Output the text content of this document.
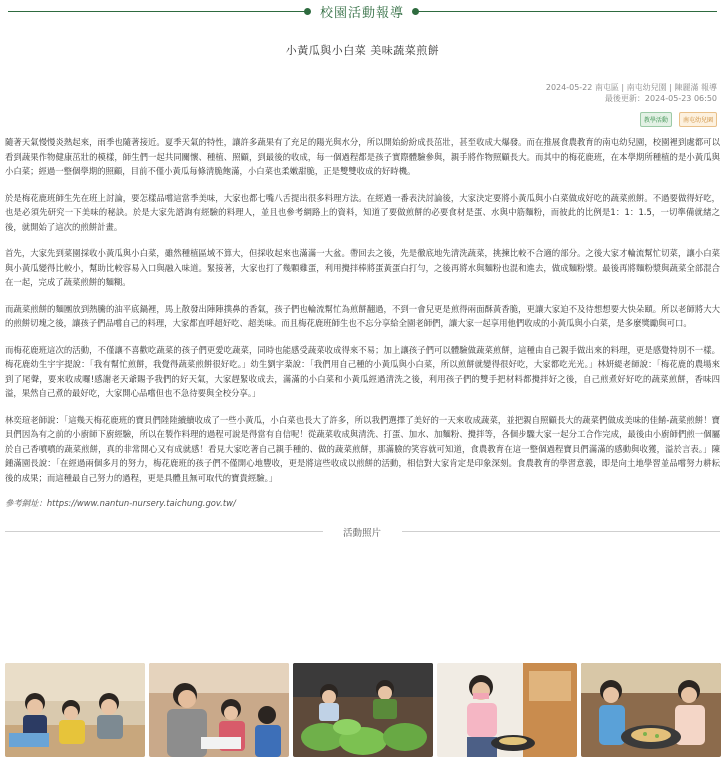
校園活動報導
小黃瓜與小白菜 美味蔬菜煎餅
2024-05-22 南屯區 | 南屯幼兒園 | 陳麗滿 報導
最後更新：2024-05-23 06:50
教學活動	南屯幼兒園

隨著天氣慢慢炎熱起來，雨季也隨著接近。夏季天氣的特性，讓許多蔬果有了充足的陽光與水分，所以開始紛紛成長茁壯，甚至收成大爆發。而在推展食農教育的南屯幼兒園，校園裡到處都可以看到蔬果作物健康茁壯的模樣，師生們一起共同關懷、種植、照顧，到最後的收成，每一個過程都是孩子實際體驗參與，親手將作物照顧長大。而其中的梅花鹿班，在本學期所種植的是小黃瓜與小白菜；經過一整個學期的照顧，目前不僅小黃瓜每條清脆飽滿，小白菜也柔嫩甜脆，正是雙雙收成的好時機。

於是梅花鹿班師生先在班上討論，要怎樣品嚐這當季美味，大家也都七嘴八舌提出很多料理方法。在經過一番表決討論後，大家決定要將小黃瓜與小白菜做成好吃的蔬菜煎餅。不過要做得好吃，也是必須先研究一下美味的秘訣。於是大家先諮詢有經驗的料理人，並且也參考網路上的資料，知道了要做煎餅的必要食材是蛋、水與中筋麵粉，而彼此的比例是1：1：1.5，一切準備就緒之後，就開始了這次的煎餅計畫。

首先，大家先到菜園採收小黃瓜與小白菜，雖然種植區域不算大，但採收起來也滿滿一大盆。帶回去之後，先是徹底地先清洗蔬菜，挑揀比較不合適的部分。之後大家才輪流幫忙切菜，讓小白菜與小黃瓜變得比較小，幫助比較容易入口與融入味道。緊接著，大家也打了幾顆雞蛋，利用攪拌棒將蛋黃蛋白打勻，之後再將水與麵粉也混和進去，做成麵粉漿。最後再將麵粉漿與蔬菜全部混合在一起，完成了蔬菜煎餅的麵糊。

而蔬菜煎餅的麵團放到熱騰的油平底鍋裡，馬上散發出陣陣撲鼻的香氣，孩子們也輪流幫忙為煎餅翻過，不到一會兒更是煎得兩面酥黃香脆，更讓大家迫不及待想想要大快朵頤。所以老師將大大的煎餅切塊之後，讓孩子們品嚐自己的料理，大家都直呼超好吃、超美味。而且梅花鹿班師生也不忘分享給全園老師們，讓大家一起享用他們收成的小黃瓜與小白菜，是多麼獎勵與可口。

而梅花鹿班這次的活動，不僅讓不喜歡吃蔬菜的孩子們更愛吃蔬菜，同時也能感受蔬菜收成得來不易；加上讓孩子們可以體驗做蔬菜煎餅，這種由自己親手做出來的料理，更是感覺特別不一樣。梅花鹿幼生宇宇提說：「我有幫忙煎餅，我覺得蔬菜煎餅很好吃。」幼生劉宇棻說：「我們用自己種的小黃瓜與小白菜，所以煎餅就變得很好吃，大家都吃光光。」林妍緹老師說：「梅花鹿的農場來到了尾聲，要來收成囉!感謝老天爺賜予我們的好天氣，大家趕緊收成去，滿滿的小白菜和小黃瓜經過清洗之後，利用孩子們的雙手把材料都攪拌好之後，自己煎煮好好吃的蔬菜煎餅，香味四溢，果然自己煮的最好吃，大家開心品嚐但也不急待要與全校分享。」

林奕瑄老師說：「這幾天梅花鹿班的寶貝們陸陸續續收成了一些小黃瓜，小白菜也長大了許多，所以我們選擇了美好的一天來收成蔬菜，並把親自照顧長大的蔬菜們做成美味的佳餚-蔬菜煎餅！寶貝們因為有之前的小廚師下廚經驗，所以在製作料理的過程可說是得當有自信呢！從蔬菜收成與清洗、打蛋、加水、加麵粉、攪拌等，各個步驟大家一起分工合作完成，最後由小廚師們煎一個屬於自己香噴噴的蔬菜煎餅，真的非常開心又有成就感！看見大家吃著自己親手種的、做的蔬菜煎餅，那滿臉的笑容就可知道，食農教育在這一整個過程寶貝們滿滿的感動與收獲，溢於言表。」陳鍾滿園長說：「在經過兩個多月的努力，梅花鹿班的孩子們不僅開心地豐收，更是將這些收成以煎餅的活動，相信對大家肯定是印象深刻。食農教育的學習意義，即是向土地學習並品嚐努力耕耘後的成果；而這種最自己努力的過程，更是具體且無可取代的寶貴經驗。」

參考網址：https://www.nantun-nursery.taichung.gov.tw/

活動照片
